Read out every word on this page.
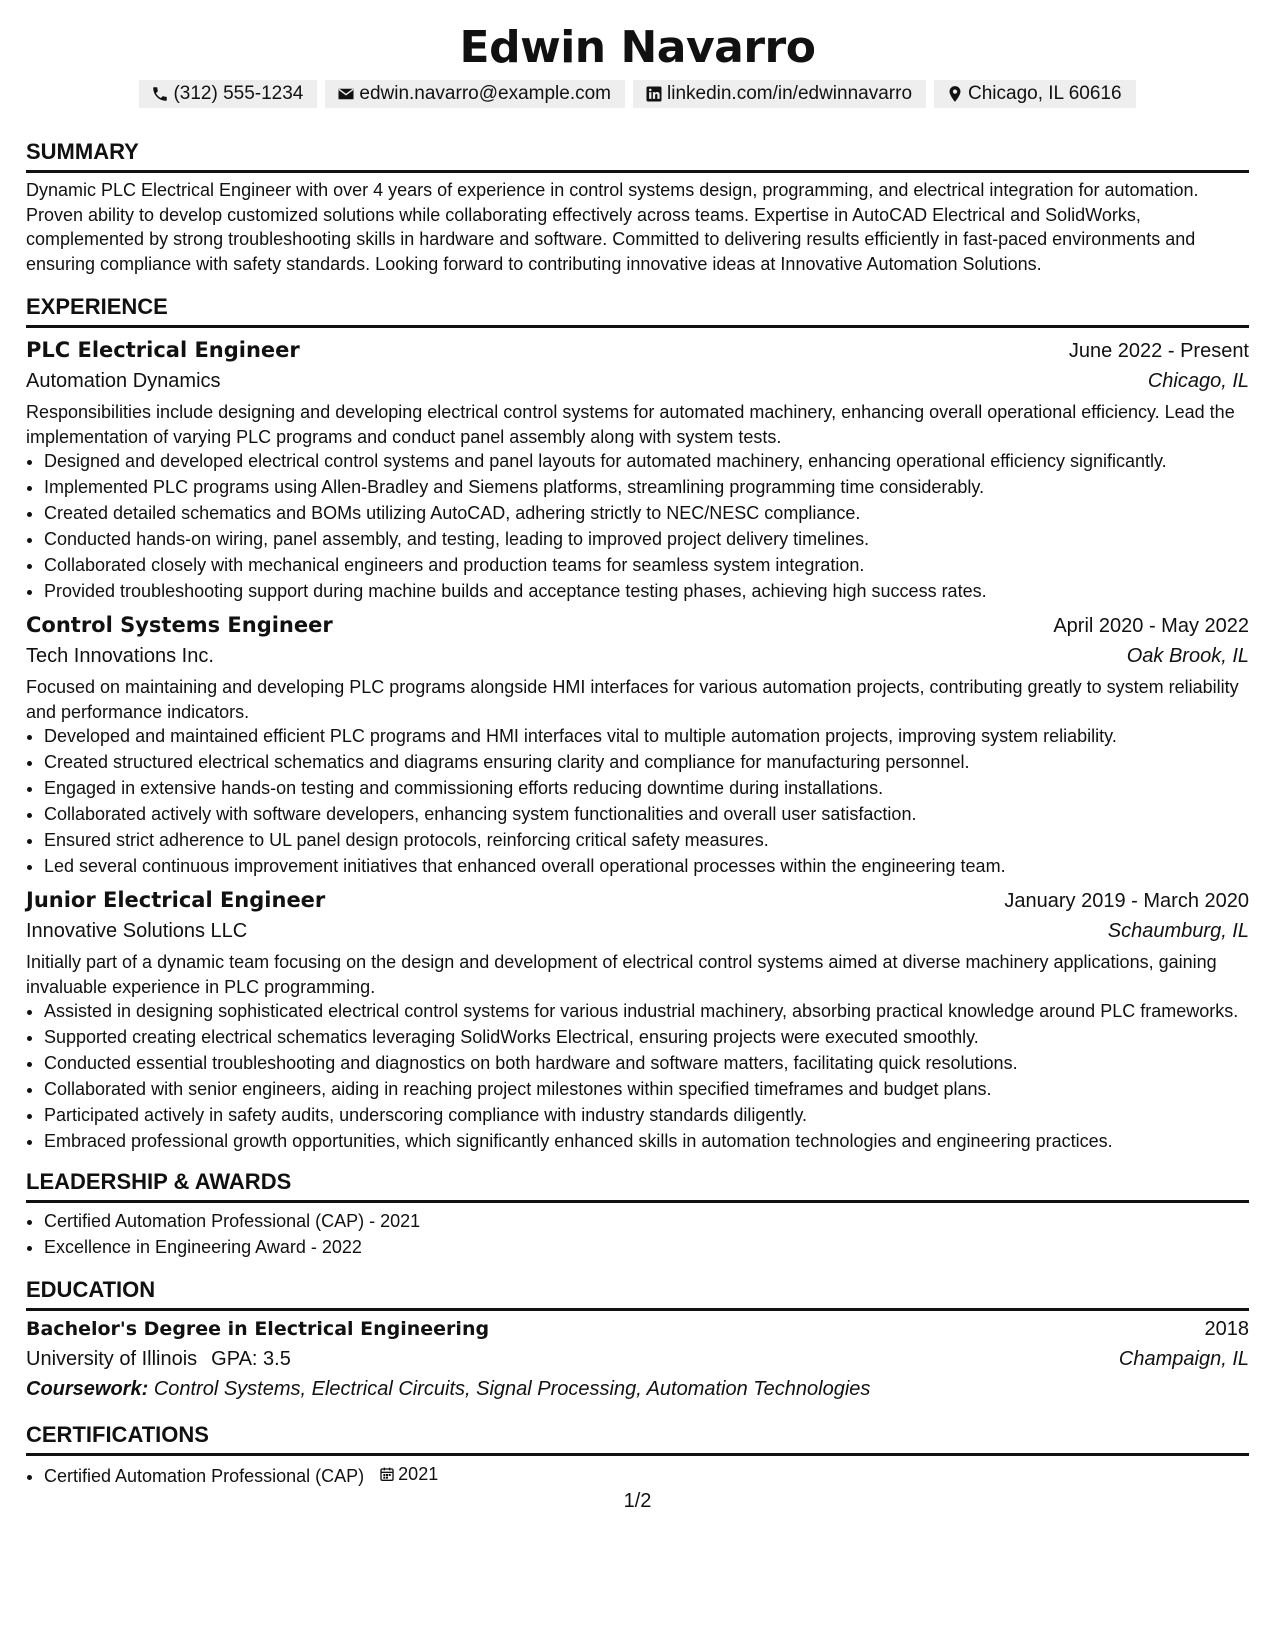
Edwin Navarro
(312) 555-1234	edwin.navarro@example.com	linkedin.com/in/edwinnavarro	Chicago, IL 60616
SUMMARY

Dynamic PLC Electrical Engineer with over 4 years of experience in control systems design, programming, and electrical integration for automation. Proven ability to develop customized solutions while collaborating effectively across teams. Expertise in AutoCAD Electrical and SolidWorks, complemented by strong troubleshooting skills in hardware and software. Committed to delivering results efficiently in fast-paced environments and ensuring compliance with safety standards. Looking forward to contributing innovative ideas at Innovative Automation Solutions.

EXPERIENCE
PLC Electrical Engineer	June 2022 - Present
Automation Dynamics	Chicago, IL

Responsibilities include designing and developing electrical control systems for automated machinery, enhancing overall operational efficiency. Lead the implementation of varying PLC programs and conduct panel assembly along with system tests.

• Designed and developed electrical control systems and panel layouts for automated machinery, enhancing operational efficiency significantly.
• Implemented PLC programs using Allen-Bradley and Siemens platforms, streamlining programming time considerably.
• Created detailed schematics and BOMs utilizing AutoCAD, adhering strictly to NEC/NESC compliance.
• Conducted hands-on wiring, panel assembly, and testing, leading to improved project delivery timelines.
• Collaborated closely with mechanical engineers and production teams for seamless system integration.
• Provided troubleshooting support during machine builds and acceptance testing phases, achieving high success rates.
Control Systems Engineer	April 2020 - May 2022
Tech Innovations Inc.	Oak Brook, IL

Focused on maintaining and developing PLC programs alongside HMI interfaces for various automation projects, contributing greatly to system reliability and performance indicators.

• Developed and maintained efficient PLC programs and HMI interfaces vital to multiple automation projects, improving system reliability.
• Created structured electrical schematics and diagrams ensuring clarity and compliance for manufacturing personnel.
• Engaged in extensive hands-on testing and commissioning efforts reducing downtime during installations.
• Collaborated actively with software developers, enhancing system functionalities and overall user satisfaction.
• Ensured strict adherence to UL panel design protocols, reinforcing critical safety measures.
• Led several continuous improvement initiatives that enhanced overall operational processes within the engineering team.
Junior Electrical Engineer	January 2019 - March 2020
Innovative Solutions LLC	Schaumburg, IL

Initially part of a dynamic team focusing on the design and development of electrical control systems aimed at diverse machinery applications, gaining invaluable experience in PLC programming.

• Assisted in designing sophisticated electrical control systems for various industrial machinery, absorbing practical knowledge around PLC frameworks.
• Supported creating electrical schematics leveraging SolidWorks Electrical, ensuring projects were executed smoothly.
• Conducted essential troubleshooting and diagnostics on both hardware and software matters, facilitating quick resolutions.
• Collaborated with senior engineers, aiding in reaching project milestones within specified timeframes and budget plans.
• Participated actively in safety audits, underscoring compliance with industry standards diligently.
• Embraced professional growth opportunities, which significantly enhanced skills in automation technologies and engineering practices.
LEADERSHIP & AWARDS
• Certified Automation Professional (CAP) - 2021
• Excellence in Engineering Award - 2022
EDUCATION
Bachelor's Degree in Electrical Engineering	2018
University of Illinois GPA: 3.5	Champaign, IL
Coursework: Control Systems, Electrical Circuits, Signal Processing, Automation Technologies
CERTIFICATIONS
• Certified Automation Professional (CAP) 2021
1/2
